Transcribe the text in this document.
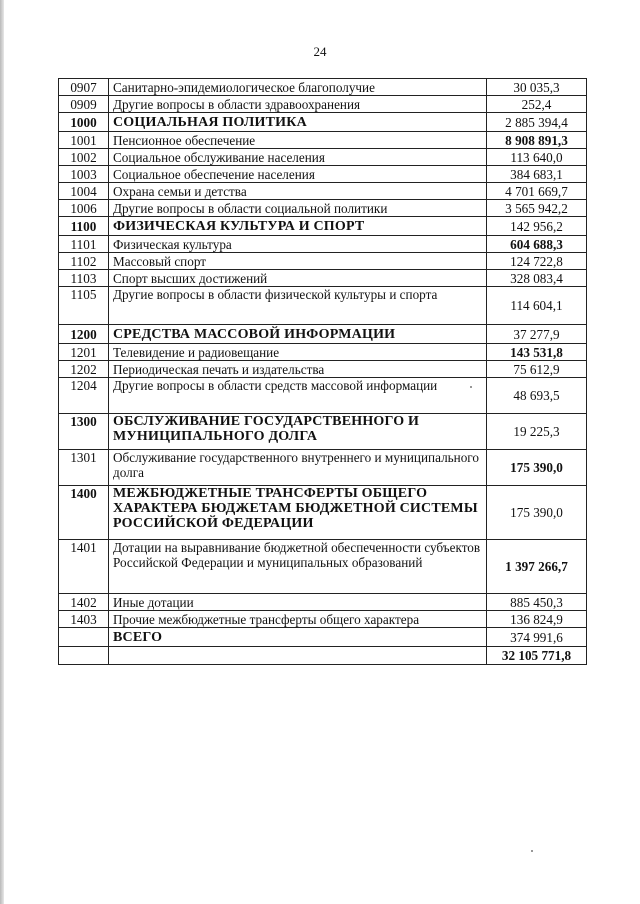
24
0907	Санитарно-эпидемиологическое благополучие	30 035,3
0909	Другие вопросы в области здравоохранения	252,4
1000	СОЦИАЛЬНАЯ ПОЛИТИКА	2 885 394,4
1001	Пенсионное обеспечение	8 908 891,3
1002	Социальное обслуживание населения	113 640,0
1003	Социальное обеспечение населения	384 683,1
1004	Охрана семьи и детства	4 701 669,7
1006	Другие вопросы в области социальной политики	3 565 942,2
1100	ФИЗИЧЕСКАЯ КУЛЬТУРА И СПОРТ	142 956,2
1101	Физическая культура	604 688,3
1102	Массовый спорт	124 722,8
1103	Спорт высших достижений	328 083,4
1105	Другие вопросы в области физической культуры и спорта	114 604,1
1200	СРЕДСТВА МАССОВОЙ ИНФОРМАЦИИ	37 277,9
1201	Телевидение и радиовещание	143 531,8
1202	Периодическая печать и издательства	75 612,9
1204	Другие вопросы в области средств массовой информации	48 693,5
1300	ОБСЛУЖИВАНИЕ ГОСУДАРСТВЕННОГО И МУНИЦИПАЛЬНОГО ДОЛГА	19 225,3
1301	Обслуживание государственного внутреннего и муниципального долга	175 390,0
1400	МЕЖБЮДЖЕТНЫЕ ТРАНСФЕРТЫ ОБЩЕГО ХАРАКТЕРА БЮДЖЕТАМ БЮДЖЕТНОЙ СИСТЕМЫ РОССИЙСКОЙ ФЕДЕРАЦИИ	175 390,0
1401	Дотации на выравнивание бюджетной обеспеченности субъектов Российской Федерации и муниципальных образований	1 397 266,7
1402	Иные дотации	885 450,3
1403	Прочие межбюджетные трансферты общего характера	136 824,9
	ВСЕГО	374 991,6
		32 105 771,8
